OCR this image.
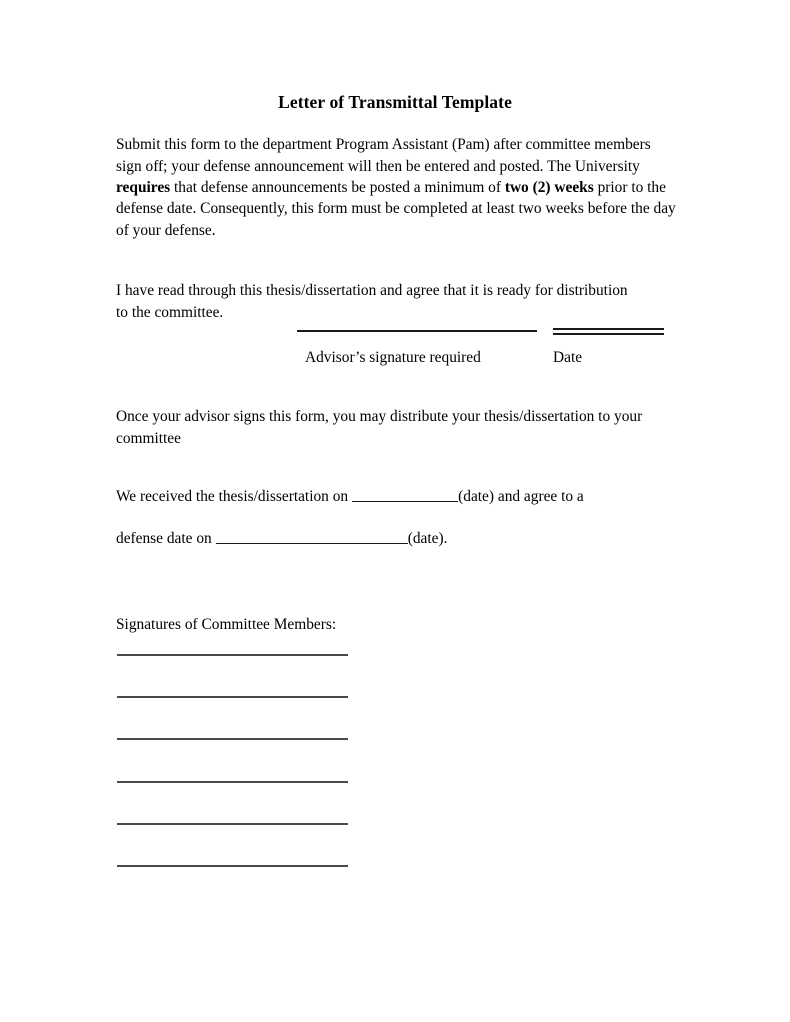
Letter of Transmittal Template

Submit this form to the department Program Assistant (Pam) after committee members sign off; your defense announcement will then be entered and posted. The University requires that defense announcements be posted a minimum of two (2) weeks prior to the defense date. Consequently, this form must be completed at least two weeks before the day of your defense.

I have read through this thesis/dissertation and agree that it is ready for distribution to the committee.

Advisor’s signature required	Date

Once your advisor signs this form, you may distribute your thesis/dissertation to your committee

We received the thesis/dissertation on	(date) and agree to a

defense date on	(date).

Signatures of Committee Members:
